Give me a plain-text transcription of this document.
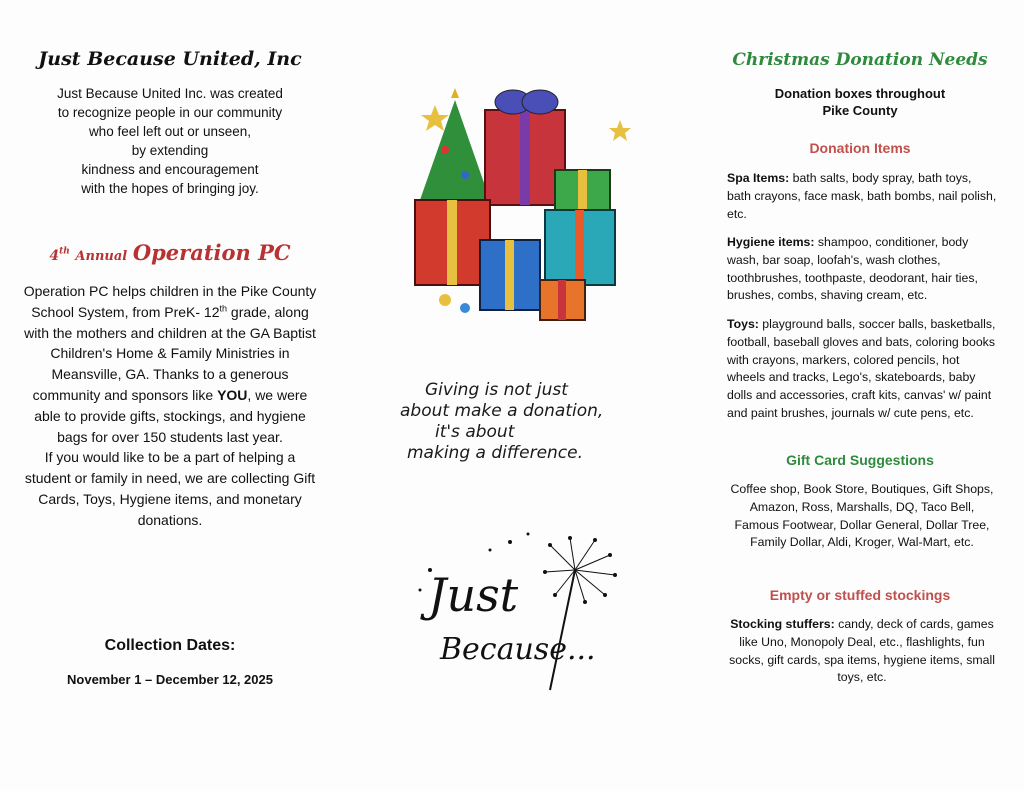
Just Because United, Inc
Just Because United Inc. was created
to recognize people in our community
who feel left out or unseen,
by extending
kindness and encouragement
with the hopes of bringing joy.
4th Annual Operation PC
Operation PC helps children in the Pike County School System, from PreK- 12th grade, along with the mothers and children at the GA Baptist Children's Home & Family Ministries in Meansville, GA. Thanks to a generous community and sponsors like YOU, we were able to provide gifts, stockings, and hygiene bags for over 150 students last year.
If you would like to be a part of helping a student or family in need, we are collecting Gift Cards, Toys, Hygiene items, and monetary donations.
Collection Dates:
November 1 – December 12, 2025
Giving is not just
about make a donation,
it's about
making a difference.
Just
Because...
Christmas Donation Needs
Donation boxes throughout
Pike County
Donation Items
Spa Items: bath salts, body spray, bath toys, bath crayons, face mask, bath bombs, nail polish, etc.
Hygiene items: shampoo, conditioner, body wash, bar soap, loofah's, wash clothes, toothbrushes, toothpaste, deodorant, hair ties, brushes, combs, shaving cream, etc.
Toys: playground balls, soccer balls, basketballs, football, baseball gloves and bats, coloring books with crayons, markers, colored pencils, hot wheels and tracks, Lego's, skateboards, baby dolls and accessories, craft kits, canvas' w/ paint and paint brushes, journals w/ cute pens, etc.
Gift Card Suggestions
Coffee shop, Book Store, Boutiques, Gift Shops, Amazon, Ross, Marshalls, DQ, Taco Bell, Famous Footwear, Dollar General, Dollar Tree, Family Dollar, Aldi, Kroger, Wal-Mart, etc.
Empty or stuffed stockings
Stocking stuffers: candy, deck of cards, games like Uno, Monopoly Deal, etc., flashlights, fun socks, gift cards, spa items, hygiene items, small toys, etc.
